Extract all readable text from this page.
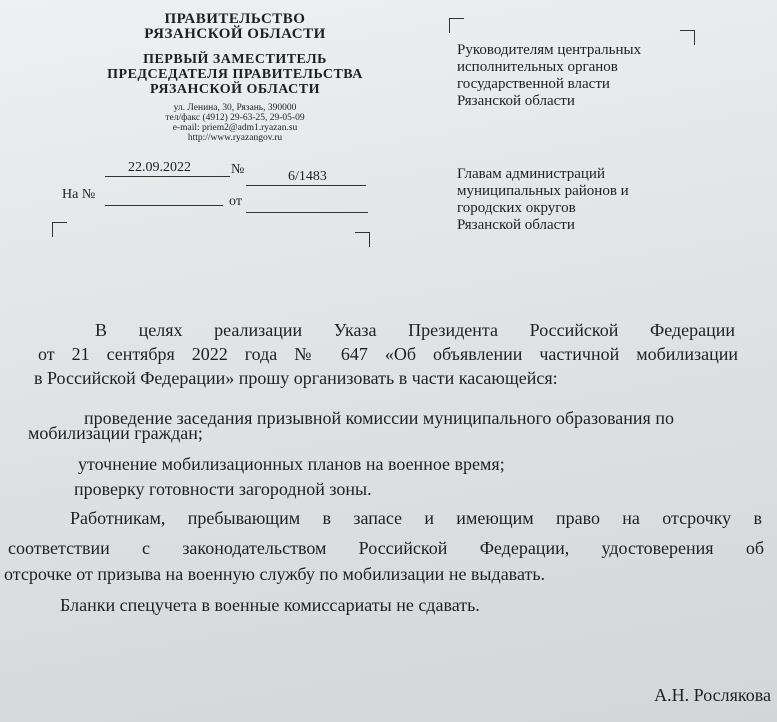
ПРАВИТЕЛЬСТВО
РЯЗАНСКОЙ ОБЛАСТИ
ПЕРВЫЙ ЗАМЕСТИТЕЛЬ
ПРЕДСЕДАТЕЛЯ ПРАВИТЕЛЬСТВА
РЯЗАНСКОЙ ОБЛАСТИ
ул. Ленина, 30, Рязань, 390000
тел/факс (4912) 29-63-25, 29-05-09
e-mail: priem2@adm1.ryazan.su
http://www.ryazangov.ru
22.09.2022	№	6/1483
На №	от
Руководителям центральных
исполнительных органов
государственной власти
Рязанской области
Главам администраций
муниципальных районов и
городских округов
Рязанской области
В целях реализации Указа Президента Российской Федерации
от 21 сентября 2022 года № 647 «Об объявлении частичной мобилизации
в Российской Федерации» прошу организовать в части касающейся:
проведение заседания призывной комиссии муниципального образования по
мобилизации граждан;
уточнение мобилизационных планов на военное время;
проверку готовности загородной зоны.
Работникам, пребывающим в запасе и имеющим право на отсрочку в
соответствии с законодательством Российской Федерации, удостоверения об
отсрочке от призыва на военную службу по мобилизации не выдавать.
Бланки спецучета в военные комиссариаты не сдавать.
А.Н. Рослякова
